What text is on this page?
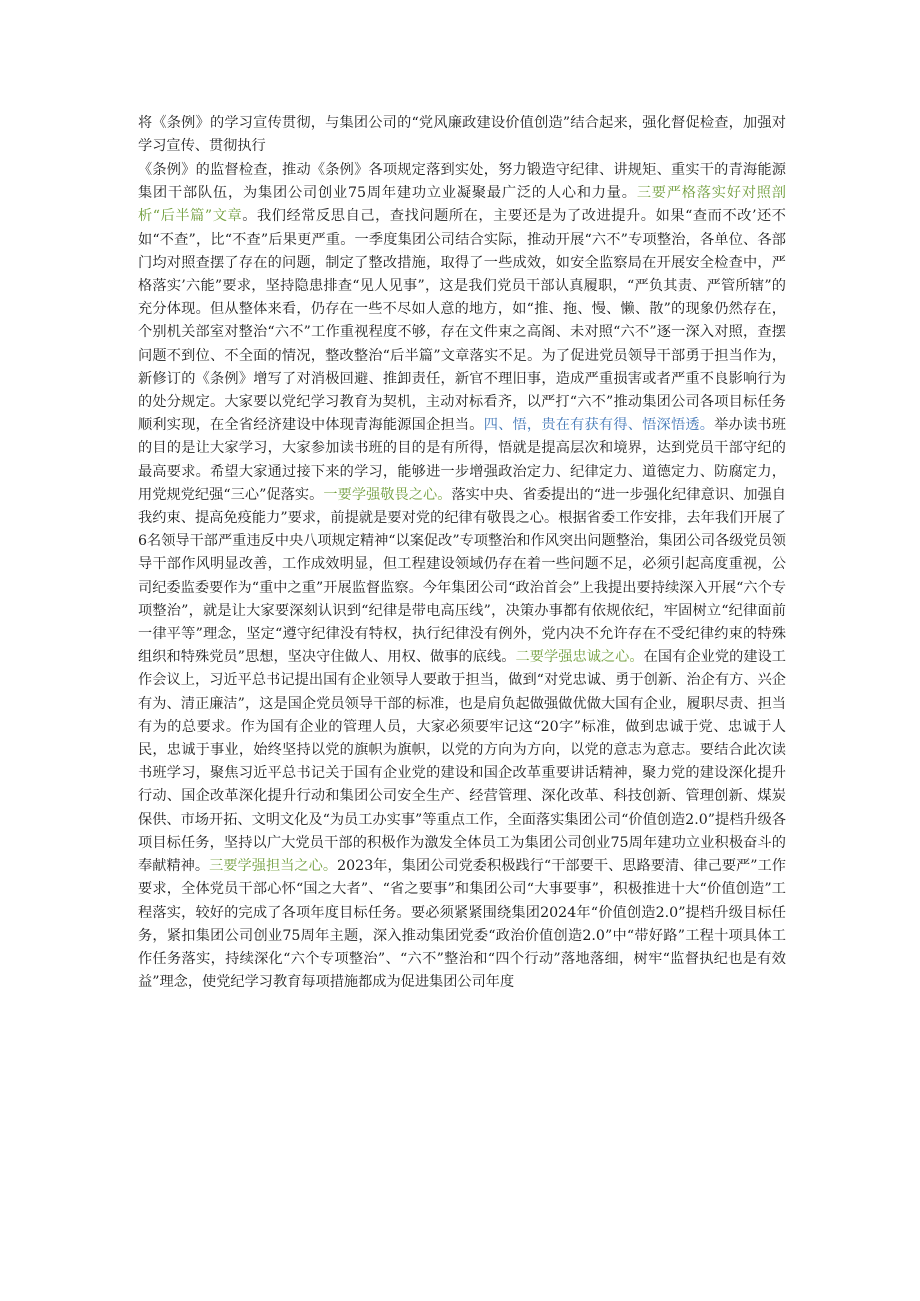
将《条例》的学习宣传贯彻，与集团公司的“党风廉政建设价值创造”结合起来，强化督促检查，加强对学习宣传、贯彻执行

《条例》的监督检查，推动《条例》各项规定落到实处，努力锻造守纪律、讲规矩、重实干的青海能源集团干部队伍，为集团公司创业75周年建功立业凝聚最广泛的人心和力量。三要严格落实好对照剖析“后半篇”文章。我们经常反思自己，查找问题所在，主要还是为了改进提升。如果“查而不改’还不如“不查”，比“不查”后果更严重。一季度集团公司结合实际，推动开展“六不”专项整治，各单位、各部门均对照查摆了存在的问题，制定了整改措施，取得了一些成效，如安全监察局在开展安全检查中，严格落实’六能”要求，坚持隐患排查“见人见事”，这是我们党员干部认真履职，“严负其责、严管所辖”的充分体现。但从整体来看，仍存在一些不尽如人意的地方，如“推、拖、慢、懒、散”的现象仍然存在，个别机关部室对整治“六不”工作重视程度不够，存在文件束之高阁、未对照“六不”逐一深入对照，查摆问题不到位、不全面的情况，整改整治“后半篇”文章落实不足。为了促进党员领导干部勇于担当作为，新修订的《条例》增写了对消极回避、推卸责任，新官不理旧事，造成严重损害或者严重不良影响行为的处分规定。大家要以党纪学习教育为契机，主动对标看齐，以严打“六不”推动集团公司各项目标任务顺利实现，在全省经济建设中体现青海能源国企担当。四、悟，贵在有获有得、悟深悟透。举办读书班的目的是让大家学习，大家参加读书班的目的是有所得，悟就是提高层次和境界，达到党员干部守纪的最高要求。希望大家通过接下来的学习，能够进一步增强政治定力、纪律定力、道德定力、防腐定力，用党规党纪强“三心”促落实。一要学强敬畏之心。落实中央、省委提出的“进一步强化纪律意识、加强自我约束、提高免疫能力”要求，前提就是要对党的纪律有敬畏之心。根据省委工作安排，去年我们开展了6名领导干部严重违反中央八项规定精神“以案促改”专项整治和作风突出问题整治，集团公司各级党员领导干部作风明显改善，工作成效明显，但工程建设领域仍存在着一些问题不足，必须引起高度重视，公司纪委监委要作为“重中之重”开展监督监察。今年集团公司“政治首会”上我提出要持续深入开展“六个专项整治”，就是让大家要深刻认识到“纪律是带电高压线”，决策办事都有依规依纪，牢固树立“纪律面前一律平等”理念，坚定“遵守纪律没有特权，执行纪律没有例外，党内决不允许存在不受纪律约束的特殊组织和特殊党员”思想，坚决守住做人、用权、做事的底线。二要学强忠诚之心。在国有企业党的建设工作会议上，习近平总书记提出国有企业领导人要敢于担当，做到“对党忠诚、勇于创新、治企有方、兴企有为、清正廉洁”，这是国企党员领导干部的标准，也是肩负起做强做优做大国有企业，履职尽责、担当有为的总要求。作为国有企业的管理人员，大家必须要牢记这“20字”标准，做到忠诚于党、忠诚于人民，忠诚于事业，始终坚持以党的旗帜为旗帜，以党的方向为方向，以党的意志为意志。要结合此次读书班学习，聚焦习近平总书记关于国有企业党的建设和国企改革重要讲话精神，聚力党的建设深化提升行动、国企改革深化提升行动和集团公司安全生产、经营管理、深化改革、科技创新、管理创新、煤炭保供、市场开拓、文明文化及“为员工办实事”等重点工作，全面落实集团公司“价值创造2.0”提档升级各项目标任务，坚持以广大党员干部的积极作为激发全体员工为集团公司创业75周年建功立业积极奋斗的奉献精神。三要学强担当之心。2023年，集团公司党委积极践行“干部要干、思路要清、律己要严”工作要求，全体党员干部心怀“国之大者”、“省之要事”和集团公司“大事要事”，积极推进十大“价值创造”工程落实，较好的完成了各项年度目标任务。要必须紧紧围绕集团2024年“价值创造2.0”提档升级目标任务，紧扣集团公司创业75周年主题，深入推动集团党委“政治价值创造2.0”中“带好路”工程十项具体工作任务落实，持续深化“六个专项整治”、“六不”整治和“四个行动”落地落细，树牢“监督执纪也是有效益”理念，使党纪学习教育每项措施都成为促进集团公司年度
